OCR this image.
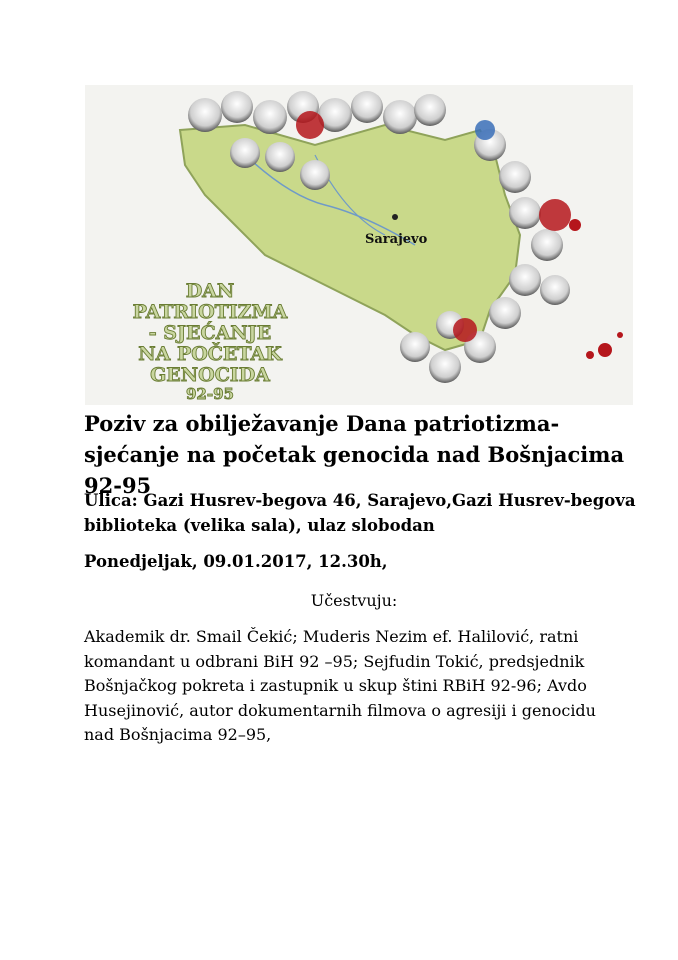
Sarajevo
DAN
PATRIOTIZMA
- SJEĆANJE
NA POČETAK
GENOCIDA
92-95

Poziv za obilježavanje Dana patriotizma- sjećanje na početak genocida nad Bošnjacima 92-95

Ulica: Gazi Husrev-begova 46, Sarajevo,Gazi Husrev-begova biblioteka (velika sala), ulaz slobodan

Ponedjeljak, 09.01.2017, 12.30h,

Učestvuju:

Akademik dr. Smail Čekić; Muderis Nezim ef. Halilović, ratni komandant u odbrani BiH 92 –95; Sejfudin Tokić, predsjednik Bošnjačkog pokreta i zastupnik u skup štini RBiH 92-96; Avdo Husejinović, autor dokumentarnih filmova o agresiji i genocidu nad Bošnjacima 92–95,
